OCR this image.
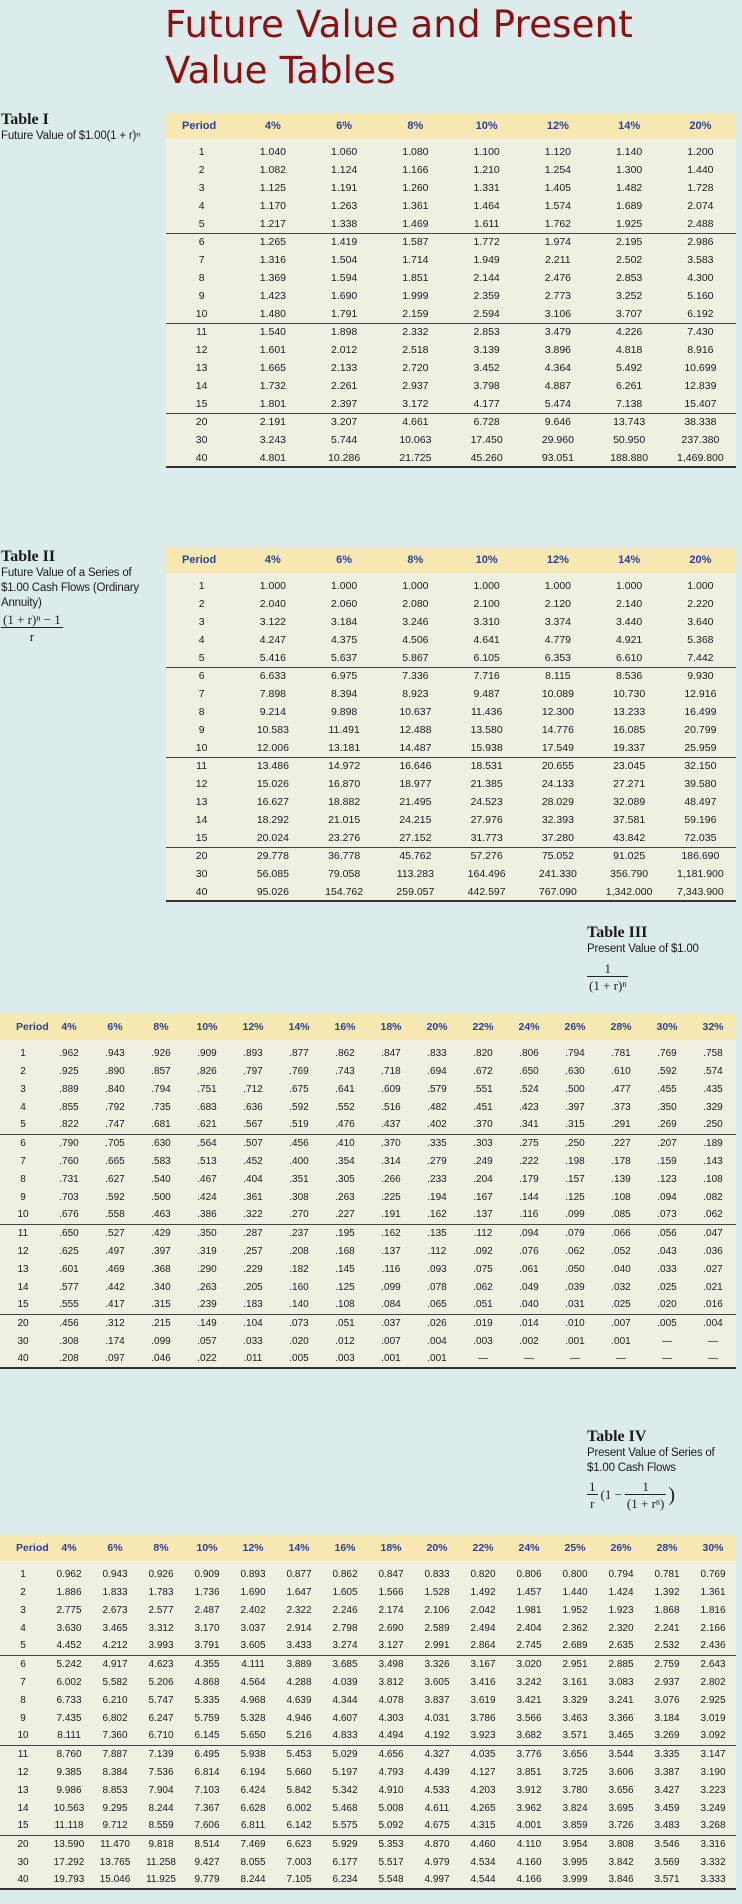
Future Value and Present Value Tables
Table I
Future Value of $1.00(1 + r)ⁿ
Period	4%	6%	8%	10%	12%	14%	20%
1	1.040	1.060	1.080	1.100	1.120	1.140	1.200
2	1.082	1.124	1.166	1.210	1.254	1.300	1.440
3	1.125	1.191	1.260	1.331	1.405	1.482	1.728
4	1.170	1.263	1.361	1.464	1.574	1.689	2.074
5	1.217	1.338	1.469	1.611	1.762	1.925	2.488
6	1.265	1.419	1.587	1.772	1.974	2.195	2.986
7	1.316	1.504	1.714	1.949	2.211	2.502	3.583
8	1.369	1.594	1.851	2.144	2.476	2.853	4.300
9	1.423	1.690	1.999	2.359	2.773	3.252	5.160
10	1.480	1.791	2.159	2.594	3.106	3.707	6.192
11	1.540	1.898	2.332	2.853	3.479	4.226	7.430
12	1.601	2.012	2.518	3.139	3.896	4.818	8.916
13	1.665	2.133	2.720	3.452	4.364	5.492	10.699
14	1.732	2.261	2.937	3.798	4.887	6.261	12.839
15	1.801	2.397	3.172	4.177	5.474	7.138	15.407
20	2.191	3.207	4.661	6.728	9.646	13.743	38.338
30	3.243	5.744	10.063	17.450	29.960	50.950	237.380
40	4.801	10.286	21.725	45.260	93.051	188.880	1,469.800
Table II
Future Value of a Series of $1.00 Cash Flows (Ordinary Annuity)
$\frac{\text{(1 + r)ⁿ − 1}}{r}$
Period	4%	6%	8%	10%	12%	14%	20%
1	1.000	1.000	1.000	1.000	1.000	1.000	1.000
2	2.040	2.060	2.080	2.100	2.120	2.140	2.220
3	3.122	3.184	3.246	3.310	3.374	3.440	3.640
4	4.247	4.375	4.506	4.641	4.779	4.921	5.368
5	5.416	5.637	5.867	6.105	6.353	6.610	7.442
6	6.633	6.975	7.336	7.716	8.115	8.536	9.930
7	7.898	8.394	8.923	9.487	10.089	10.730	12.916
8	9.214	9.898	10.637	11.436	12.300	13.233	16.499
9	10.583	11.491	12.488	13.580	14.776	16.085	20.799
10	12.006	13.181	14.487	15.938	17.549	19.337	25.959
11	13.486	14.972	16.646	18.531	20.655	23.045	32.150
12	15.026	16.870	18.977	21.385	24.133	27.271	39.580
13	16.627	18.882	21.495	24.523	28.029	32.089	48.497
14	18.292	21.015	24.215	27.976	32.393	37.581	59.196
15	20.024	23.276	27.152	31.773	37.280	43.842	72.035
20	29.778	36.778	45.762	57.276	75.052	91.025	186.690
30	56.085	79.058	113.283	164.496	241.330	356.790	1,181.900
40	95.026	154.762	259.057	442.597	767.090	1,342.000	7,343.900
Table III
Present Value of $1.00
$\frac{1}{\text{(1 + r)ⁿ}}$
Period	4%	6%	8%	10%	12%	14%	16%	18%	20%	22%	24%	26%	28%	30%	32%
1	.962	.943	.926	.909	.893	.877	.862	.847	.833	.820	.806	.794	.781	.769	.758
2	.925	.890	.857	.826	.797	.769	.743	.718	.694	.672	.650	.630	.610	.592	.574
3	.889	.840	.794	.751	.712	.675	.641	.609	.579	.551	.524	.500	.477	.455	.435
4	.855	.792	.735	.683	.636	.592	.552	.516	.482	.451	.423	.397	.373	.350	.329
5	.822	.747	.681	.621	.567	.519	.476	.437	.402	.370	.341	.315	.291	.269	.250
6	.790	.705	.630	.564	.507	.456	.410	.370	.335	.303	.275	.250	.227	.207	.189
7	.760	.665	.583	.513	.452	.400	.354	.314	.279	.249	.222	.198	.178	.159	.143
8	.731	.627	.540	.467	.404	.351	.305	.266	.233	.204	.179	.157	.139	.123	.108
9	.703	.592	.500	.424	.361	.308	.263	.225	.194	.167	.144	.125	.108	.094	.082
10	.676	.558	.463	.386	.322	.270	.227	.191	.162	.137	.116	.099	.085	.073	.062
11	.650	.527	.429	.350	.287	.237	.195	.162	.135	.112	.094	.079	.066	.056	.047
12	.625	.497	.397	.319	.257	.208	.168	.137	.112	.092	.076	.062	.052	.043	.036
13	.601	.469	.368	.290	.229	.182	.145	.116	.093	.075	.061	.050	.040	.033	.027
14	.577	.442	.340	.263	.205	.160	.125	.099	.078	.062	.049	.039	.032	.025	.021
15	.555	.417	.315	.239	.183	.140	.108	.084	.065	.051	.040	.031	.025	.020	.016
20	.456	.312	.215	.149	.104	.073	.051	.037	.026	.019	.014	.010	.007	.005	.004
30	.308	.174	.099	.057	.033	.020	.012	.007	.004	.003	.002	.001	.001	—	—
40	.208	.097	.046	.022	.011	.005	.003	.001	.001	—	—	—	—	—	—
Table IV
Present Value of Series of $1.00 Cash Flows
$\frac{1}{r} (1 - \frac{1}{\text{(1 + rⁿ)}}$ )
Period	4%	6%	8%	10%	12%	14%	16%	18%	20%	22%	24%	25%	26%	28%	30%
1	0.962	0.943	0.926	0.909	0.893	0.877	0.862	0.847	0.833	0.820	0.806	0.800	0.794	0.781	0.769
2	1.886	1.833	1.783	1.736	1.690	1.647	1.605	1.566	1.528	1.492	1.457	1.440	1.424	1.392	1.361
3	2.775	2.673	2.577	2.487	2.402	2.322	2.246	2.174	2.106	2.042	1.981	1.952	1.923	1.868	1.816
4	3.630	3.465	3.312	3.170	3.037	2.914	2.798	2.690	2.589	2.494	2.404	2.362	2.320	2.241	2.166
5	4.452	4.212	3.993	3.791	3.605	3.433	3.274	3.127	2.991	2.864	2.745	2.689	2.635	2.532	2.436
6	5.242	4.917	4.623	4.355	4.111	3.889	3.685	3.498	3.326	3.167	3.020	2.951	2.885	2.759	2.643
7	6.002	5.582	5.206	4.868	4.564	4.288	4.039	3.812	3.605	3.416	3.242	3.161	3.083	2.937	2.802
8	6.733	6.210	5.747	5.335	4.968	4.639	4.344	4.078	3.837	3.619	3.421	3.329	3.241	3.076	2.925
9	7.435	6.802	6.247	5.759	5.328	4.946	4.607	4.303	4.031	3.786	3.566	3.463	3.366	3.184	3.019
10	8.111	7.360	6.710	6.145	5.650	5.216	4.833	4.494	4.192	3.923	3.682	3.571	3.465	3.269	3.092
11	8.760	7.887	7.139	6.495	5.938	5.453	5.029	4.656	4.327	4.035	3.776	3.656	3.544	3.335	3.147
12	9.385	8.384	7.536	6.814	6.194	5.660	5.197	4.793	4.439	4.127	3.851	3.725	3.606	3.387	3.190
13	9.986	8.853	7.904	7.103	6.424	5.842	5.342	4.910	4.533	4.203	3.912	3.780	3.656	3.427	3.223
14	10.563	9.295	8.244	7.367	6.628	6.002	5.468	5.008	4.611	4.265	3.962	3.824	3.695	3.459	3.249
15	11.118	9.712	8.559	7.606	6.811	6.142	5.575	5.092	4.675	4.315	4.001	3.859	3.726	3.483	3.268
20	13.590	11.470	9.818	8.514	7.469	6.623	5.929	5.353	4.870	4.460	4.110	3.954	3.808	3.546	3.316
30	17.292	13.765	11.258	9.427	8.055	7.003	6.177	5.517	4.979	4.534	4.160	3.995	3.842	3.569	3.332
40	19.793	15.046	11.925	9.779	8.244	7.105	6.234	5.548	4.997	4.544	4.166	3.999	3.846	3.571	3.333
